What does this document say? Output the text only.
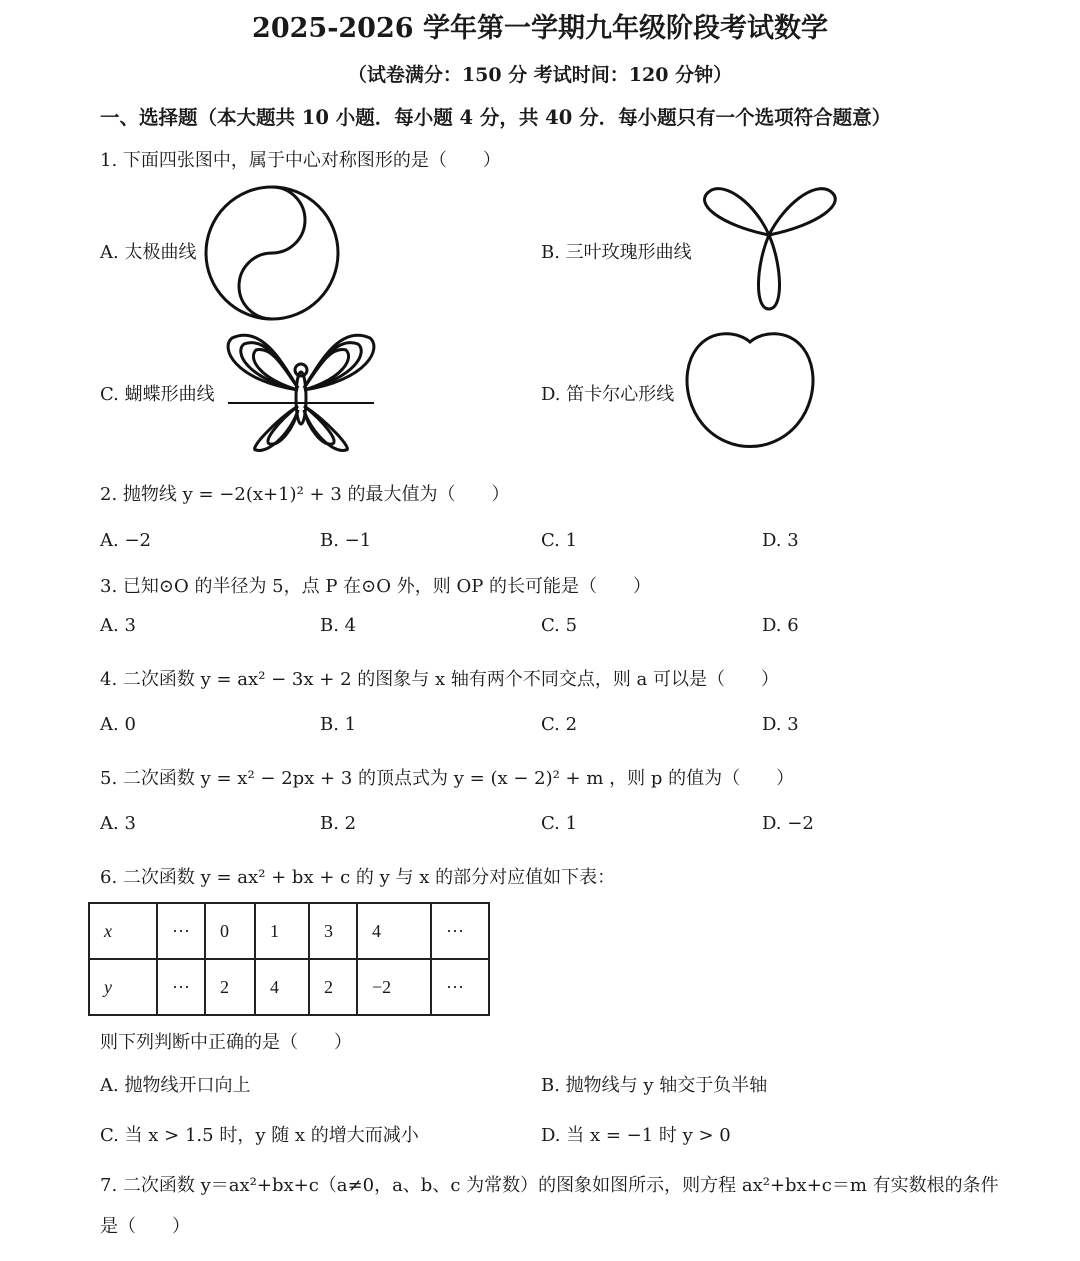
2025-2026 学年第一学期九年级阶段考试数学
（试卷满分：150 分 考试时间：120 分钟）
一、选择题（本大题共 10 小题．每小题 4 分，共 40 分．每小题只有一个选项符合题意）
1. 下面四张图中，属于中心对称图形的是（　　）
A. 太极曲线	B. 三叶玫瑰形曲线
C. 蝴蝶形曲线	D. 笛卡尔心形线
2. 抛物线 y = −2(x+1)² + 3 的最大值为（　　）
A. −2	B. −1	C. 1	D. 3
3. 已知⊙O 的半径为 5，点 P 在⊙O 外，则 OP 的长可能是（　　）
A. 3	B. 4	C. 5	D. 6
4. 二次函数 y = ax² − 3x + 2 的图象与 x 轴有两个不同交点，则 a 可以是（　　）
A. 0	B. 1	C. 2	D. 3
5. 二次函数 y = x² − 2px + 3 的顶点式为 y = (x − 2)² + m ，则 p 的值为（　　）
A. 3	B. 2	C. 1	D. −2
6. 二次函数 y = ax² + bx + c 的 y 与 x 的部分对应值如下表：
x	···	0	1	3	4	···
y	···	2	4	2	−2	···
则下列判断中正确的是（　　）
A. 抛物线开口向上	B. 抛物线与 y 轴交于负半轴
C. 当 x > 1.5 时，y 随 x 的增大而减小	D. 当 x = −1 时 y > 0
7. 二次函数 y＝ax²+bx+c（a≠0，a、b、c 为常数）的图象如图所示，则方程 ax²+bx+c＝m 有实数根的条件
是（　　）
